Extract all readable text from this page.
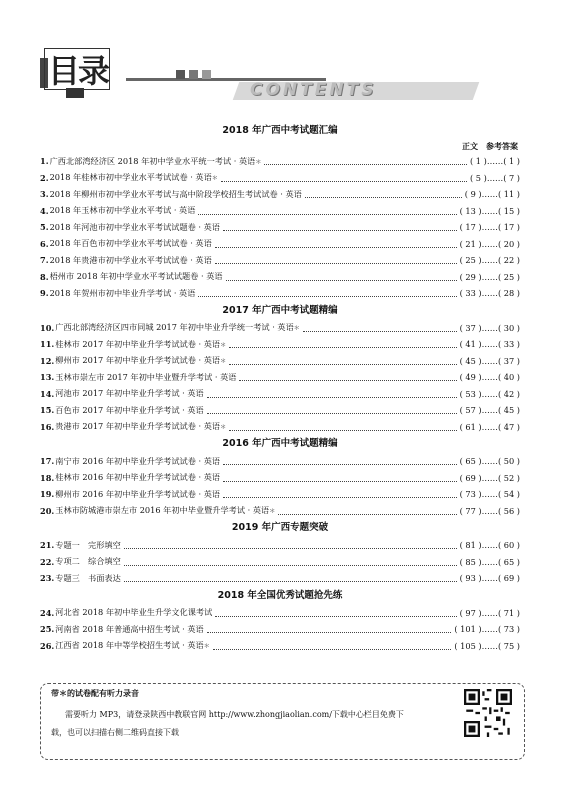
目录	CONTENTS
2018 年广西中考试题汇编
正文　参考答案
1. 广西北部湾经济区 2018 年初中学业水平统一考试 · 英语 ＊	( 1 )……( 1 )
2. 2018 年桂林市初中学业水平考试试卷 · 英语 ＊	( 5 )……( 7 )
3. 2018 年柳州市初中学业水平考试与高中阶段学校招生考试试卷 · 英语	( 9 )……( 11 )
4. 2018 年玉林市初中学业水平考试 · 英语	( 13 )……( 15 )
5. 2018 年河池市初中学业水平考试试题卷 · 英语	( 17 )……( 17 )
6. 2018 年百色市初中学业水平考试试卷 · 英语	( 21 )……( 20 )
7. 2018 年贵港市初中学业水平考试试卷 · 英语	( 25 )……( 22 )
8. 梧州市 2018 年初中学业水平考试试题卷 · 英语	( 29 )……( 25 )
9. 2018 年贺州市初中毕业升学考试 · 英语	( 33 )……( 28 )
2017 年广西中考试题精编
10. 广西北部湾经济区四市同城 2017 年初中毕业升学统一考试 · 英语 ＊	( 37 )……( 30 )
11. 桂林市 2017 年初中毕业升学考试试卷 · 英语 ＊	( 41 )……( 33 )
12. 柳州市 2017 年初中毕业升学考试试卷 · 英语 ＊	( 45 )……( 37 )
13. 玉林市崇左市 2017 年初中毕业暨升学考试 · 英语	( 49 )……( 40 )
14. 河池市 2017 年初中毕业升学考试 · 英语	( 53 )……( 42 )
15. 百色市 2017 年初中毕业升学考试 · 英语	( 57 )……( 45 )
16. 贵港市 2017 年初中毕业升学考试试卷 · 英语 ＊	( 61 )……( 47 )
2016 年广西中考试题精编
17. 南宁市 2016 年初中毕业升学考试试卷 · 英语	( 65 )……( 50 )
18. 桂林市 2016 年初中毕业升学考试试卷 · 英语	( 69 )……( 52 )
19. 柳州市 2016 年初中毕业升学考试试卷 · 英语	( 73 )……( 54 )
20. 玉林市防城港市崇左市 2016 年初中毕业暨升学考试 · 英语 ＊	( 77 )……( 56 )
2019 年广西专题突破
21. 专题一　完形填空	( 81 )……( 60 )
22. 专项二　综合填空	( 85 )……( 65 )
23. 专题三　书面表达	( 93 )……( 69 )
2018 年全国优秀试题抢先练
24. 河北省 2018 年初中毕业生升学文化课考试	( 97 )……( 71 )
25. 河南省 2018 年普通高中招生考试 · 英语	( 101 )……( 73 )
26. 江西省 2018 年中等学校招生考试 · 英语 ＊	( 105 )……( 75 )
带＊的试卷配有听力录音
需要听力 MP3，请登录陕西中教联官网 http://www.zhongjiaolian.com/下载中心栏目免费下
载，也可以扫描右侧二维码直接下载
